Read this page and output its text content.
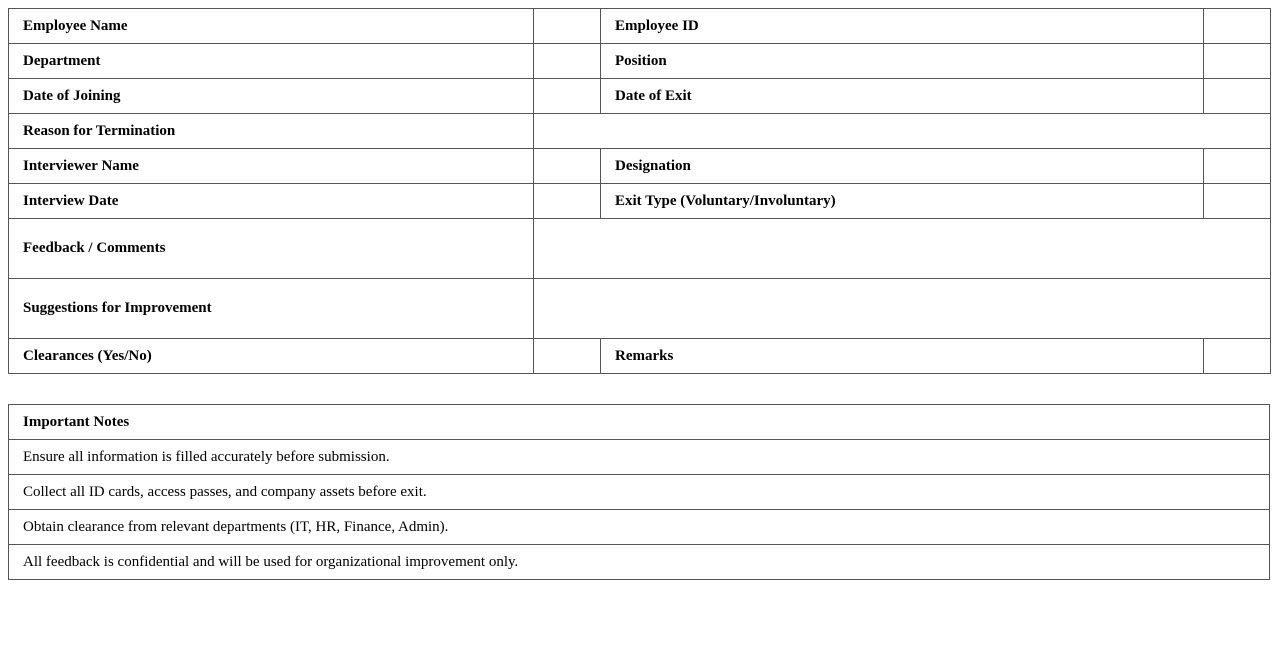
Employee Name		Employee ID	
Department		Position	
Date of Joining		Date of Exit	
Reason for Termination			
Interviewer Name		Designation	
Interview Date		Exit Type (Voluntary/Involuntary)	
Feedback / Comments			
Suggestions for Improvement			
Clearances (Yes/No)		Remarks	
Important Notes
Ensure all information is filled accurately before submission.
Collect all ID cards, access passes, and company assets before exit.
Obtain clearance from relevant departments (IT, HR, Finance, Admin).
All feedback is confidential and will be used for organizational improvement only.
